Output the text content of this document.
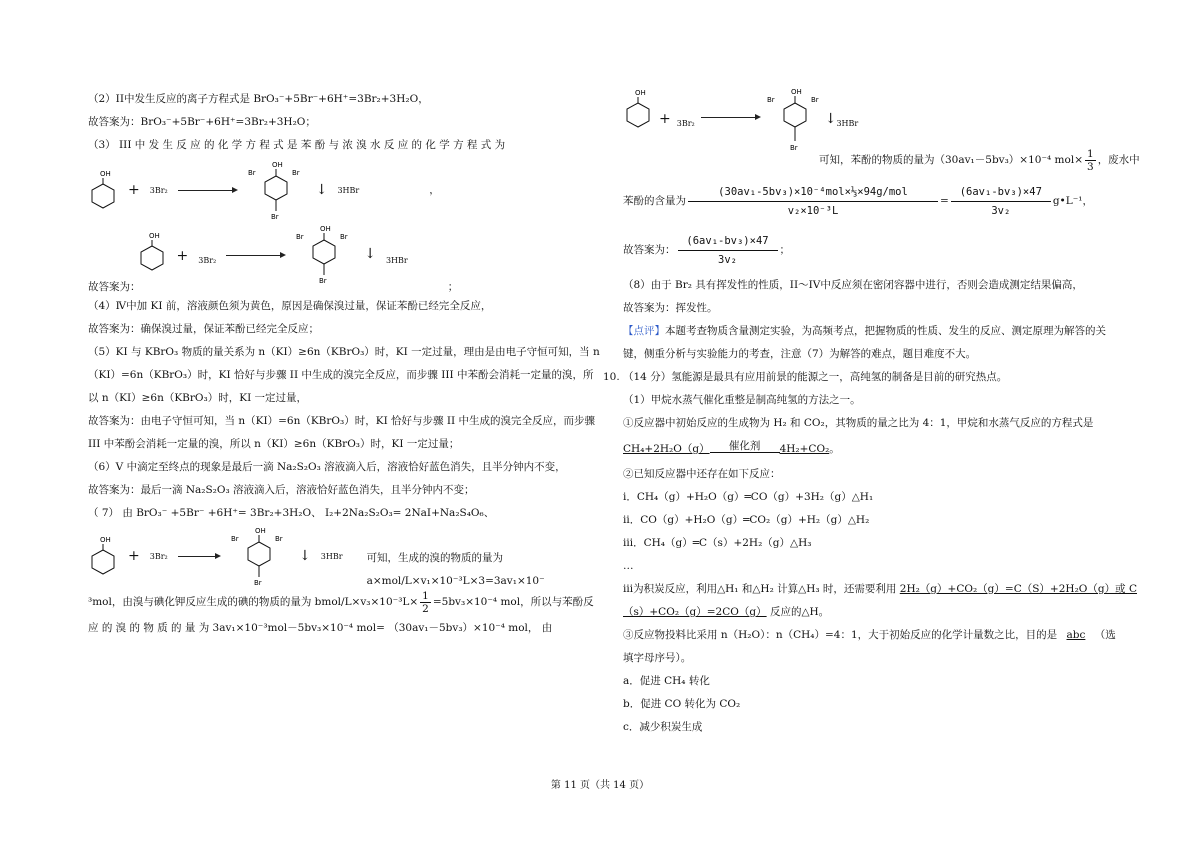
（2）II中发生反应的离子方程式是 BrO₃⁻+5Br⁻+6H⁺=3Br₂+3H₂O，
故答案为：BrO₃⁻+5Br⁻+6H⁺=3Br₂+3H₂O；
（3） III 中 发 生 反 应 的 化 学 方 程 式 是 苯 酚 与 浓 溴 水 反 应 的 化 学 方 程 式 为
OH
+ 3Br₂
OH
Br	Br
Br
↓ 3HBr	，
故答案为：
OH
+ 3Br₂
OH
Br	Br
Br
↓ 3HBr
；
（4）Ⅳ中加 KI 前，溶液颜色须为黄色，原因是确保溴过量，保证苯酚已经完全反应，
故答案为：确保溴过量，保证苯酚已经完全反应；
（5）KI 与 KBrO₃ 物质的量关系为 n（KI）≥6n（KBrO₃）时，KI 一定过量，理由是由电子守恒可知，当 n
（KI）=6n（KBrO₃）时，KI 恰好与步骤 II 中生成的溴完全反应，而步骤 III 中苯酚会消耗一定量的溴，所
以 n（KI）≥6n（KBrO₃）时，KI 一定过量，
故答案为：由电子守恒可知，当 n（KI）=6n（KBrO₃）时，KI 恰好与步骤 II 中生成的溴完全反应，而步骤
III 中苯酚会消耗一定量的溴，所以 n（KI）≥6n（KBrO₃）时，KI 一定过量；
（6）V 中滴定至终点的现象是最后一滴 Na₂S₂O₃ 溶液滴入后，溶液恰好蓝色消失，且半分钟内不变，
故答案为：最后一滴 Na₂S₂O₃ 溶液滴入后，溶液恰好蓝色消失，且半分钟内不变；
（ 7） 由 BrO₃⁻ +5Br⁻ +6H⁺= 3Br₂+3H₂O、 I₂+2Na₂S₂O₃= 2NaI+Na₂S₄O₆、
OH
+ 3Br₂ →
OH
Br	Br
Br
↓ 3HBr 可知，生成的溴的物质的量为 a×mol/L×v₁×10⁻³L×3=3av₁×10⁻
³mol，由溴与碘化钾反应生成的碘的物质的量为 bmol/L×v₃×10⁻³L× $\frac{1}{2} =5bv_3\times 10^{-4}$ mol，所以与苯酚反
应 的 溴 的 物 质 的 量 为 3av₁×10⁻³mol－5bv₃×10⁻⁴ mol= （30av₁－5bv₃）×10⁻⁴ mol， 由
OH
+ 3Br₂
OH
Br	Br
Br
↓ 3HBr
可知，苯酚的物质的量为（30av₁－5bv₃）×10⁻⁴ $mol\times \frac{1}{3}$ ，废水中
苯酚的含量为 $\frac{\text{(30av₁-5bv₃)×10⁻⁴mol×⅓×94g/mol}}{\text{v₂×10⁻³L}} = \frac{\text{(6av₁-bv₃)×47}}{\text{3v₂}}$ g•L⁻¹，
故答案为： $\frac{\text{(6av₁-bv₃)×47}}{\text{3v₂}}$ ；
（8）由于 Br₂ 具有挥发性的性质，II～IV中反应须在密闭容器中进行，否则会造成测定结果偏高，
故答案为：挥发性。
【点评】本题考查物质含量测定实验，为高频考点，把握物质的性质、发生的反应、测定原理为解答的关
键，侧重分析与实验能力的考查，注意（7）为解答的难点，题目难度不大。
10. （14 分）氢能源是最具有应用前景的能源之一，高纯氢的制备是目前的研究热点。
（1）甲烷水蒸气催化重整是制高纯氢的方法之一。
①反应器中初始反应的生成物为 H₂ 和 CO₂，其物质的量之比为 4：1，甲烷和水蒸气反应的方程式是
CH₄+2H₂O（g）	催化剂	4H₂+CO₂。
②已知反应器中还存在如下反应：
ⅰ．CH₄（g）+H₂O（g）═CO（g）+3H₂（g）△H₁
ⅱ．CO（g）+H₂O（g）═CO₂（g）+H₂（g）△H₂
ⅲ．CH₄（g）═C（s）+2H₂（g）△H₃
…
ⅲ为积炭反应，利用△H₁ 和△H₂ 计算△H₃ 时，还需要利用 2H₂（g）+CO₂（g）=C（S）+2H₂O（g）或 C
（s）+CO₂（g）=2CO（g） 反应的△H。
③反应物投料比采用 n（H₂O）：n（CH₄）=4：1，大于初始反应的化学计量数之比，目的是 abc （选
填字母序号）。
a．促进 CH₄ 转化
b．促进 CO 转化为 CO₂
c．减少积炭生成
第 11 页（共 14 页）
